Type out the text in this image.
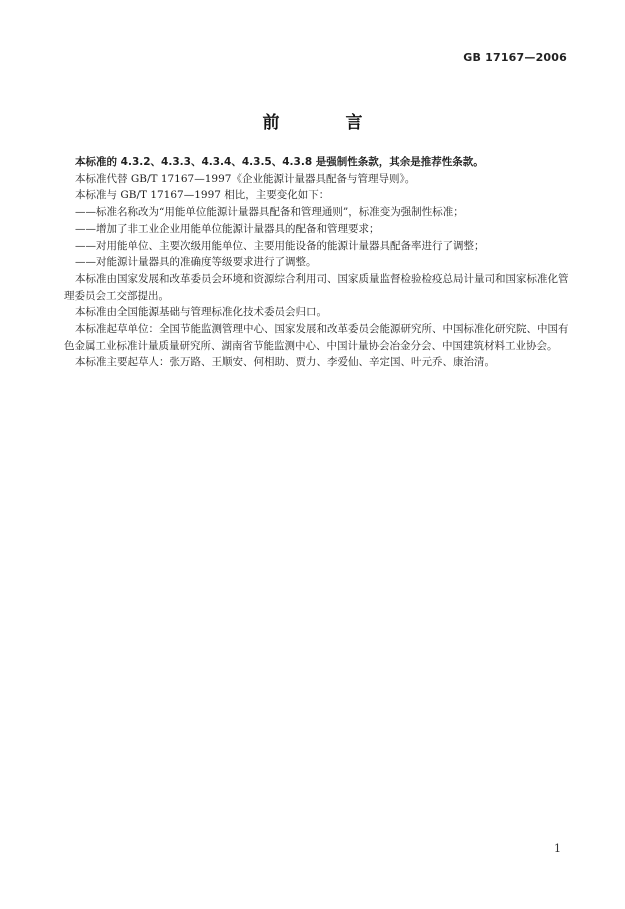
GB 17167—2006
前 言

本标准的 4.3.2、4.3.3、4.3.4、4.3.5、4.3.8 是强制性条款，其余是推荐性条款。

本标准代替 GB/T 17167—1997《企业能源计量器具配备与管理导则》。

本标准与 GB/T 17167—1997 相比，主要变化如下：

——标准名称改为“用能单位能源计量器具配备和管理通则”，标准变为强制性标准；

——增加了非工业企业用能单位能源计量器具的配备和管理要求；

——对用能单位、主要次级用能单位、主要用能设备的能源计量器具配备率进行了调整；

——对能源计量器具的准确度等级要求进行了调整。

本标准由国家发展和改革委员会环境和资源综合利用司、国家质量监督检验检疫总局计量司和国家标准化管理委员会工交部提出。

本标准由全国能源基础与管理标准化技术委员会归口。

本标准起草单位：全国节能监测管理中心、国家发展和改革委员会能源研究所、中国标准化研究院、中国有色金属工业标准计量质量研究所、湖南省节能监测中心、中国计量协会冶金分会、中国建筑材料工业协会。

本标准主要起草人：张万路、王顺安、何相助、贾力、李爱仙、辛定国、叶元乔、康治清。

1
